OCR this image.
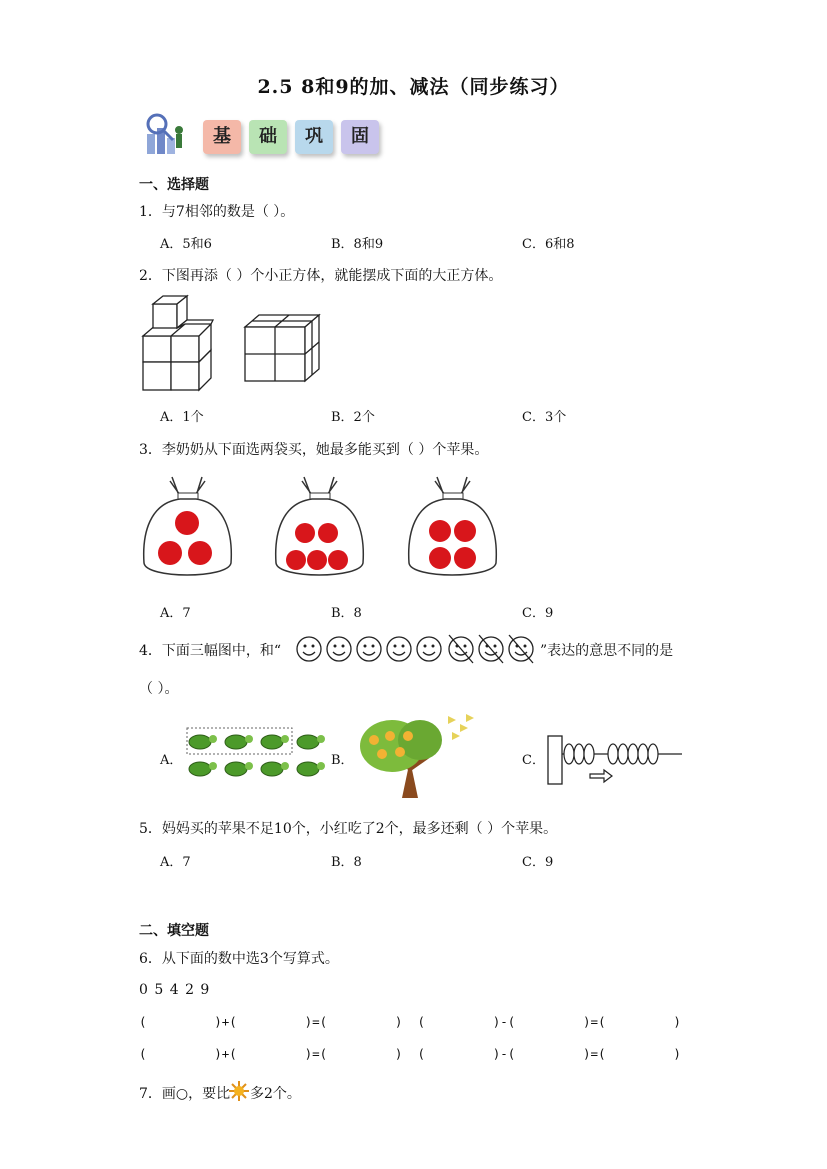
2.5 8和9的加、减法（同步练习）
基	础	巩	固
一、选择题
1．与7相邻的数是（ ）。
A．5和6	B．8和9	C．6和8
2．下图再添（ ）个小正方体，就能摆成下面的大正方体。
A．1个	B．2个	C．3个
3．李奶奶从下面选两袋买，她最多能买到（ ）个苹果。
A．7	B．8	C．9
4．下面三幅图中，和“	”表达的意思不同的是
（ ）。
A．	B．	C．
5．妈妈买的苹果不足10个，小红吃了2个，最多还剩（ ）个苹果。
A．7	B．8	C．9
二、填空题
6．从下面的数中选3个写算式。
0 5 4 2 9
(         )+(         )=(         )  (         )-(         )=(         )
(         )+(         )=(         )  (         )-(         )=(         )
7．画○，要比 多2个。
